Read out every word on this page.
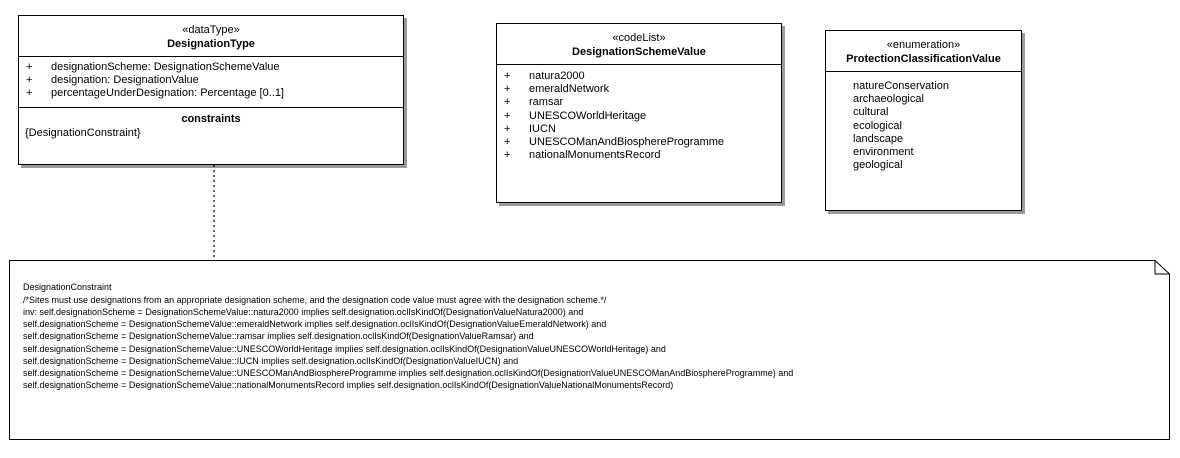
«dataType»
DesignationType
+ designationScheme: DesignationSchemeValue
+ designation: DesignationValue
+ percentageUnderDesignation: Percentage [0..1]
constraints
{DesignationConstraint}
«codeList»
DesignationSchemeValue
+ natura2000
+ emeraldNetwork
+ ramsar
+ UNESCOWorldHeritage
+ IUCN
+ UNESCOManAndBiosphereProgramme
+ nationalMonumentsRecord
«enumeration»
ProtectionClassificationValue
natureConservation
archaeological
cultural
ecological
landscape
environment
geological
DesignationConstraint
/*Sites must use designations from an appropriate designation scheme, and the designation code value must agree with the designation scheme.*/
inv: self.designationScheme = DesignationSchemeValue::natura2000 implies self.designation.oclIsKindOf(DesignationValueNatura2000) and
self.designationScheme = DesignationSchemeValue::emeraldNetwork implies self.designation.oclIsKindOf(DesignationValueEmeraldNetwork) and
self.designationScheme = DesignationSchemeValue::ramsar implies self.designation.oclIsKindOf(DesignationValueRamsar) and
self.designationScheme = DesignationSchemeValue::UNESCOWorldHeritage implies self.designation.oclIsKindOf(DesignationValueUNESCOWorldHeritage) and
self.designationScheme = DesignationSchemeValue::IUCN implies self.designation.oclIsKindOf(DesignationValueIUCN) and
self.designationScheme = DesignationSchemeValue::UNESCOManAndBiosphereProgramme implies self.designation.oclIsKindOf(DesignationValueUNESCOManAndBiosphereProgramme) and
self.designationScheme = DesignationSchemeValue::nationalMonumentsRecord implies self.designation.oclIsKindOf(DesignationValueNationalMonumentsRecord)
